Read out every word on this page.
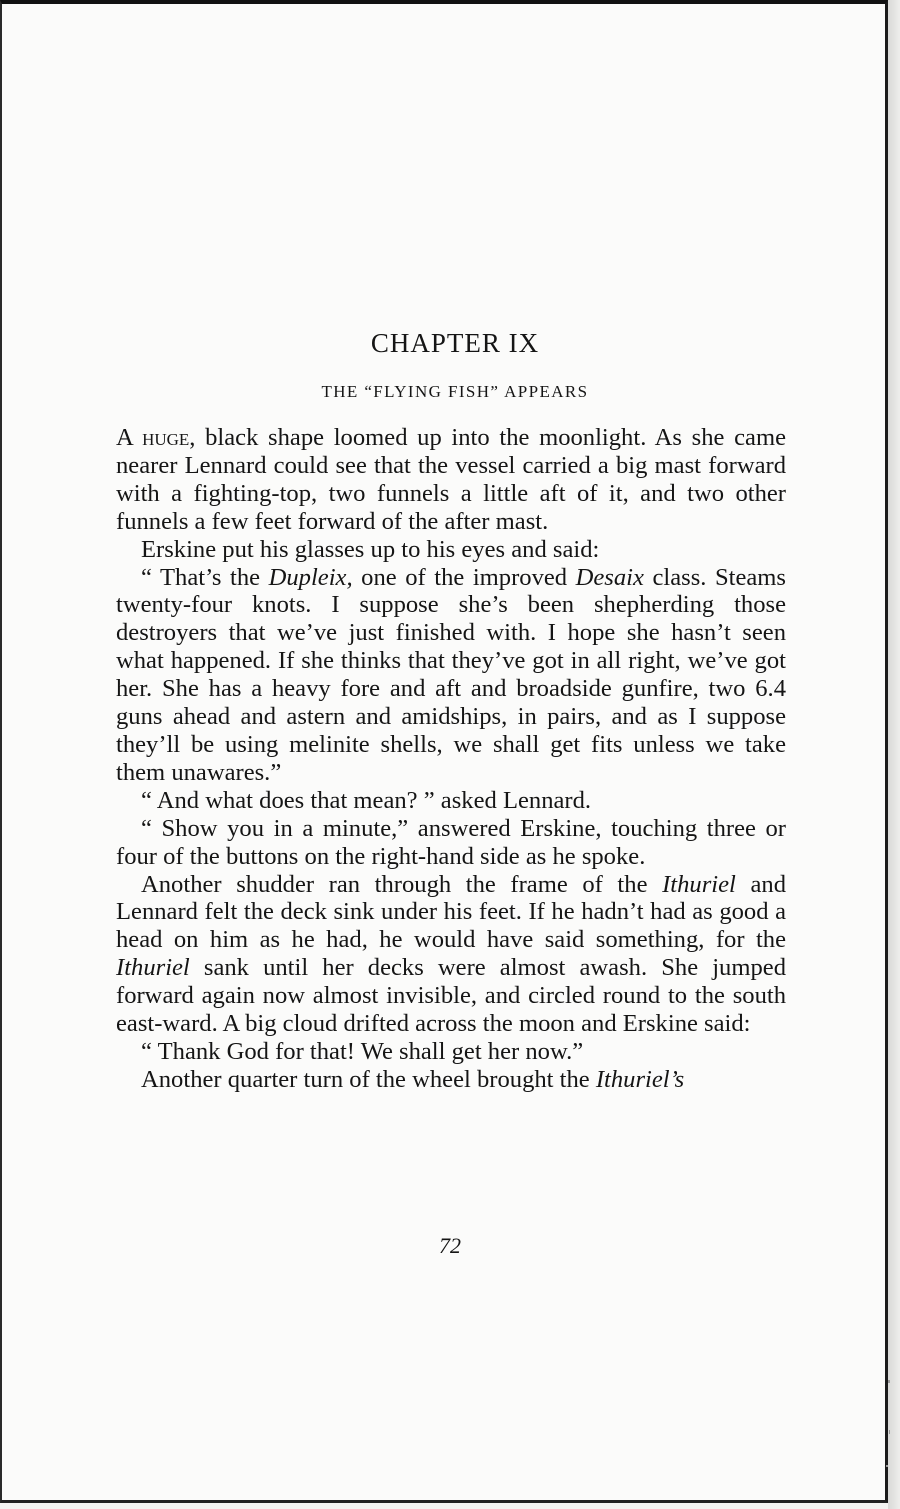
CHAPTER IX
THE “FLYING FISH” APPEARS

A huge, black shape loomed up into the moonlight. As she came nearer Lennard could see that the vessel carried a big mast forward with a fighting-top, two funnels a little aft of it, and two other funnels a few feet forward of the after mast.

Erskine put his glasses up to his eyes and said:

“ That’s the Dupleix, one of the improved Desaix class. Steams twenty-four knots. I suppose she’s been shepherding those destroyers that we’ve just finished with. I hope she hasn’t seen what happened. If she thinks that they’ve got in all right, we’ve got her. She has a heavy fore and aft and broadside gunfire, two 6.4 guns ahead and astern and amidships, in pairs, and as I suppose they’ll be using melinite shells, we shall get fits unless we take them unawares.”

“ And what does that mean? ” asked Lennard.

“ Show you in a minute,” answered Erskine, touching three or four of the buttons on the right-hand side as he spoke.

Another shudder ran through the frame of the Ithuriel and Lennard felt the deck sink under his feet. If he hadn’t had as good a head on him as he had, he would have said something, for the Ithuriel sank until her decks were almost awash. She jumped forward again now almost invisible, and circled round to the south east-ward. A big cloud drifted across the moon and Erskine said:

“ Thank God for that! We shall get her now.”

Another quarter turn of the wheel brought the Ithuriel’s

72
